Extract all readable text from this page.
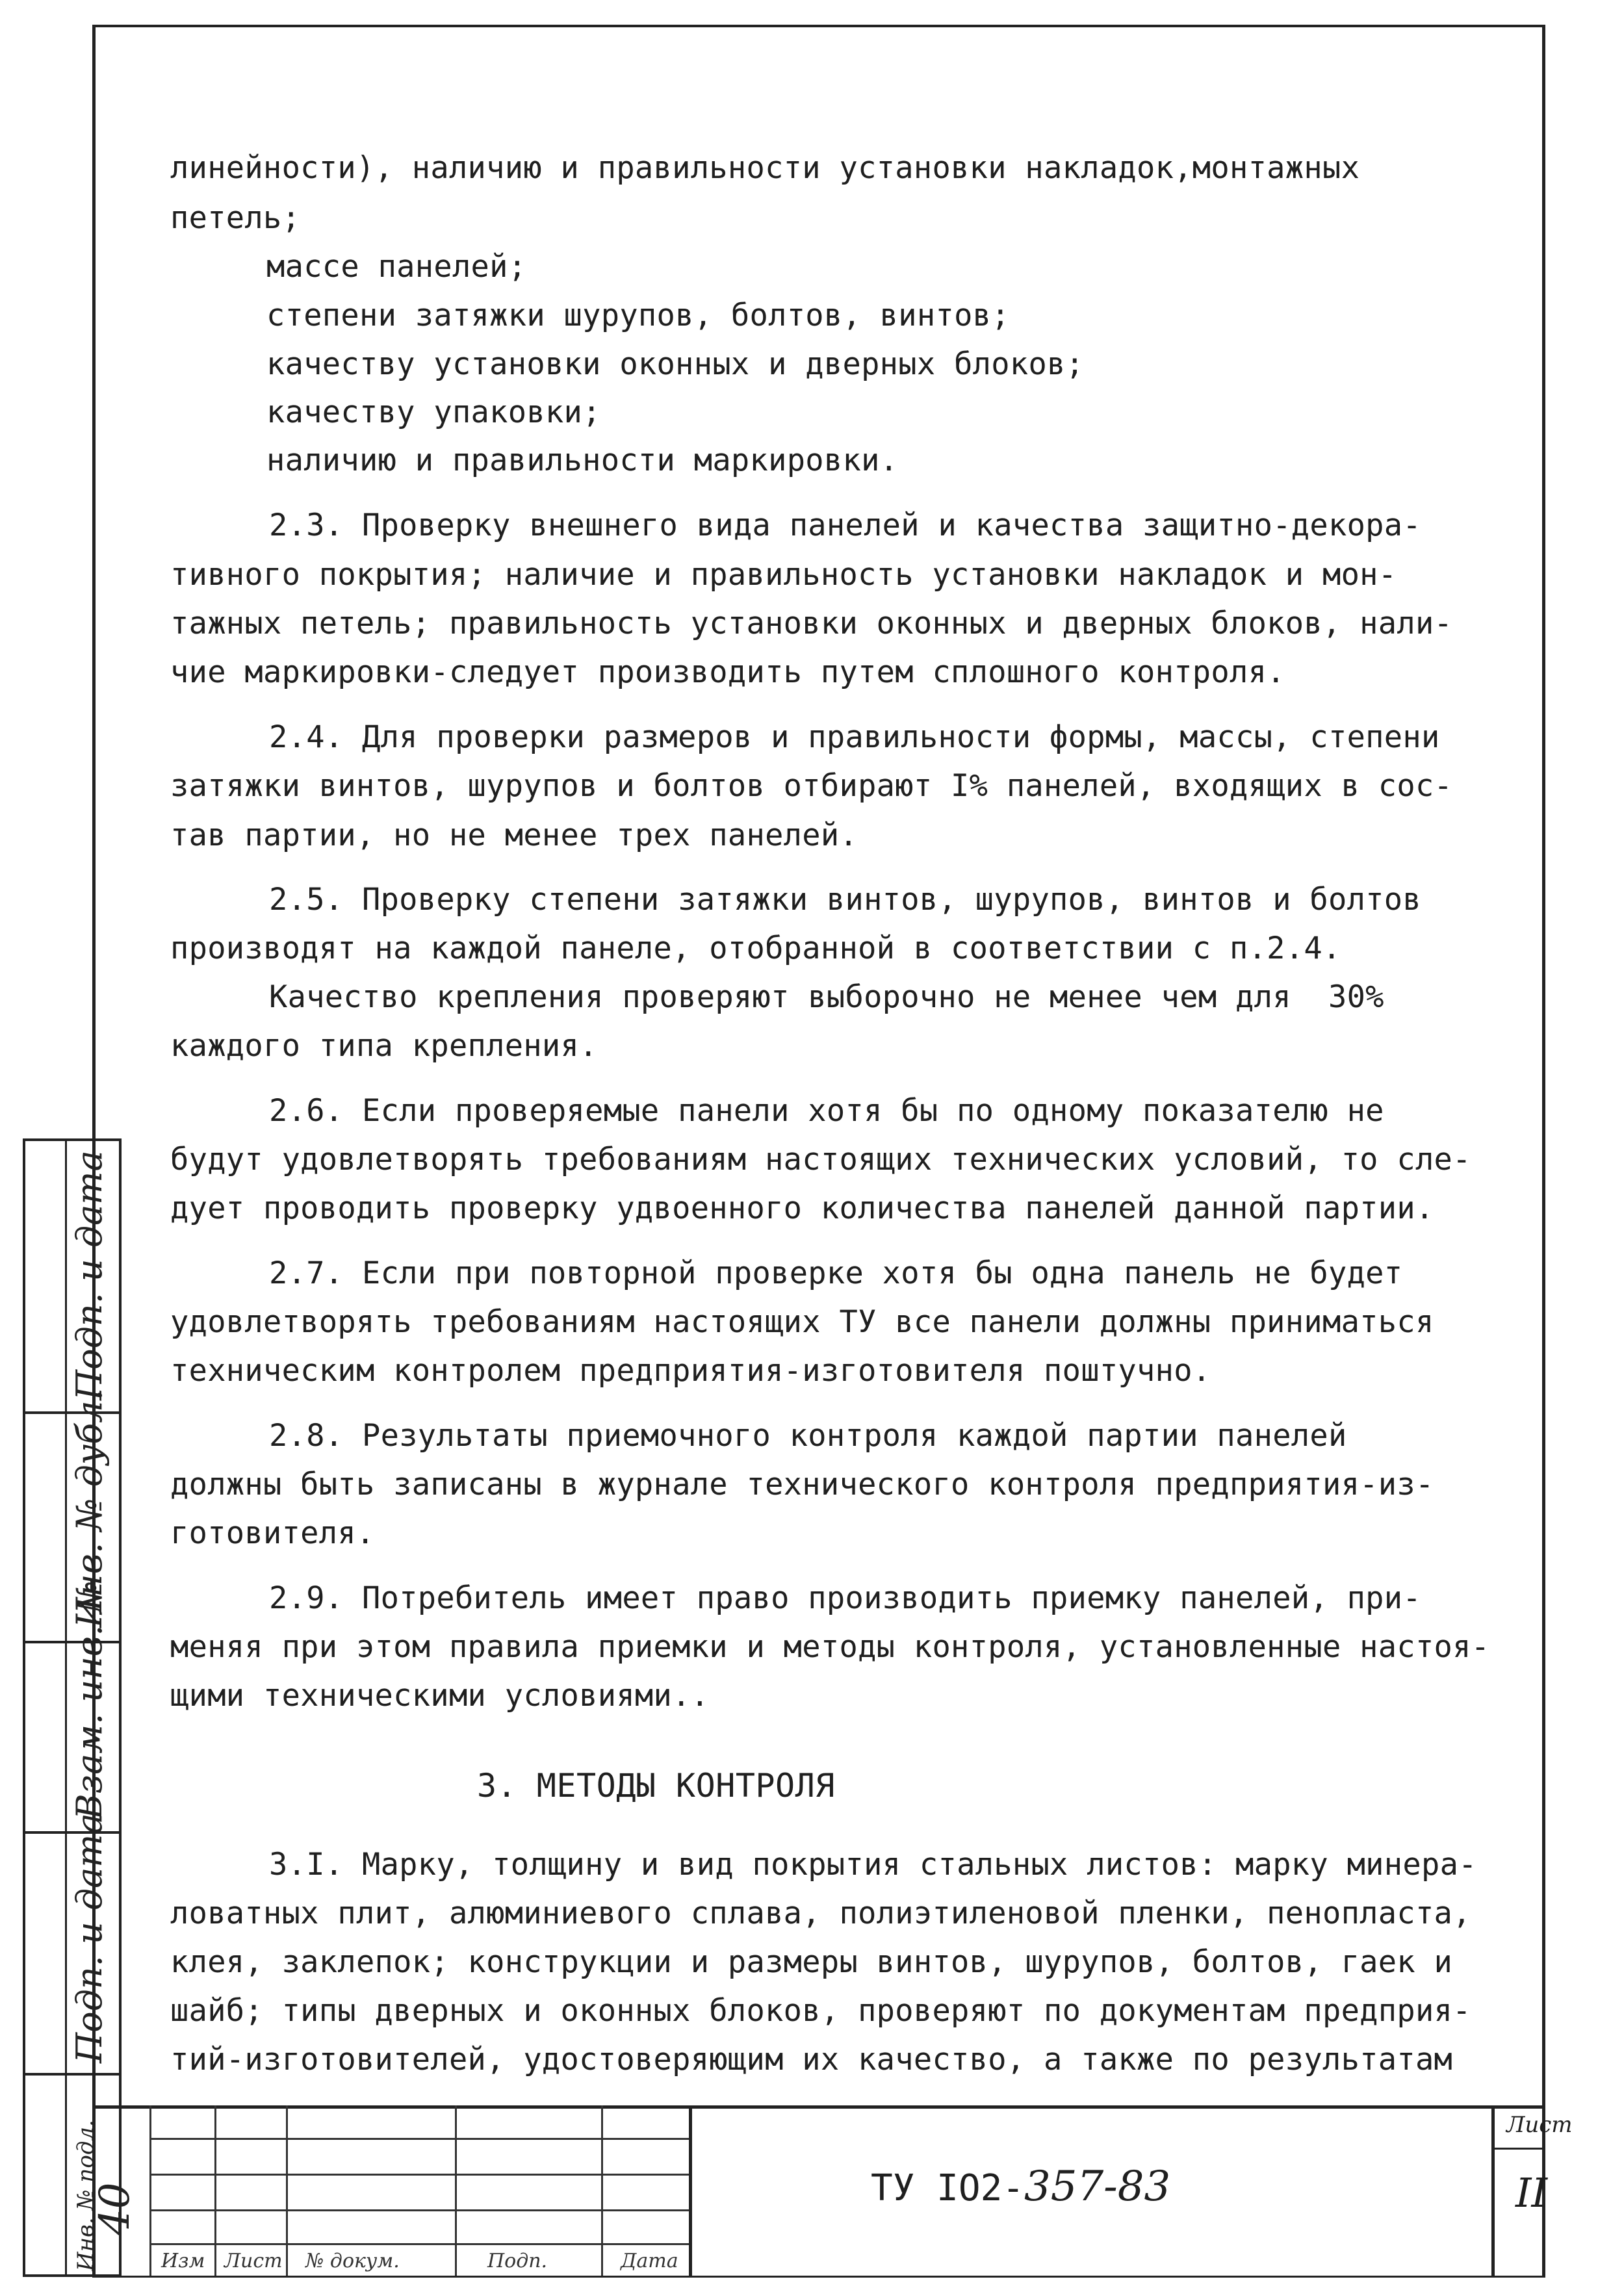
линейности), наличию и правильности установки накладок,монтажных
петель;
массе панелей;
степени затяжки шурупов, болтов, винтов;
качеству установки оконных и дверных блоков;
качеству упаковки;
наличию и правильности маркировки.
2.3. Проверку внешнего вида панелей и качества защитно-декора-
тивного покрытия; наличие и правильность установки накладок и мон-
тажных петель; правильность установки оконных и дверных блоков, нали-
чие маркировки-следует производить путем сплошного контроля.
2.4. Для проверки размеров и правильности формы, массы, степени
затяжки винтов, шурупов и болтов отбирают I% панелей, входящих в сос-
тав партии, но не менее трех панелей.
2.5. Проверку степени затяжки винтов, шурупов, винтов и болтов
производят на каждой панеле, отобранной в соответствии с п.2.4.
Качество крепления проверяют выборочно не менее чем для  30%
каждого типа крепления.
2.6. Если проверяемые панели хотя бы по одному показателю не
будут удовлетворять требованиям настоящих технических условий, то сле-
дует проводить проверку удвоенного количества панелей данной партии.
2.7. Если при повторной проверке хотя бы одна панель не будет
удовлетворять требованиям настоящих ТУ все панели должны приниматься
техническим контролем предприятия-изготовителя поштучно.
2.8. Результаты приемочного контроля каждой партии панелей
должны быть записаны в журнале технического контроля предприятия-из-
готовителя.
2.9. Потребитель имеет право производить приемку панелей, при-
меняя при этом правила приемки и методы контроля, установленные настоя-
щими техническими условиями..
3. МЕТОДЫ КОНТРОЛЯ
3.I. Марку, толщину и вид покрытия стальных листов: марку минера-
ловатных плит, алюминиевого сплава, полиэтиленовой пленки, пенопласта,
клея, заклепок; конструкции и размеры винтов, шурупов, болтов, гаек и
шайб; типы дверных и оконных блоков, проверяют по документам предприя-
тий-изготовителей, удостоверяющим их качество, а также по результатам
Подп. и дата
Инв. № дубл.
Взам. инв. №
Подп. и дата
Инв. № подл.
40
Изм Лист № докум.	Подп.	Дата
ТУ IO2-357-83
Лист
II
